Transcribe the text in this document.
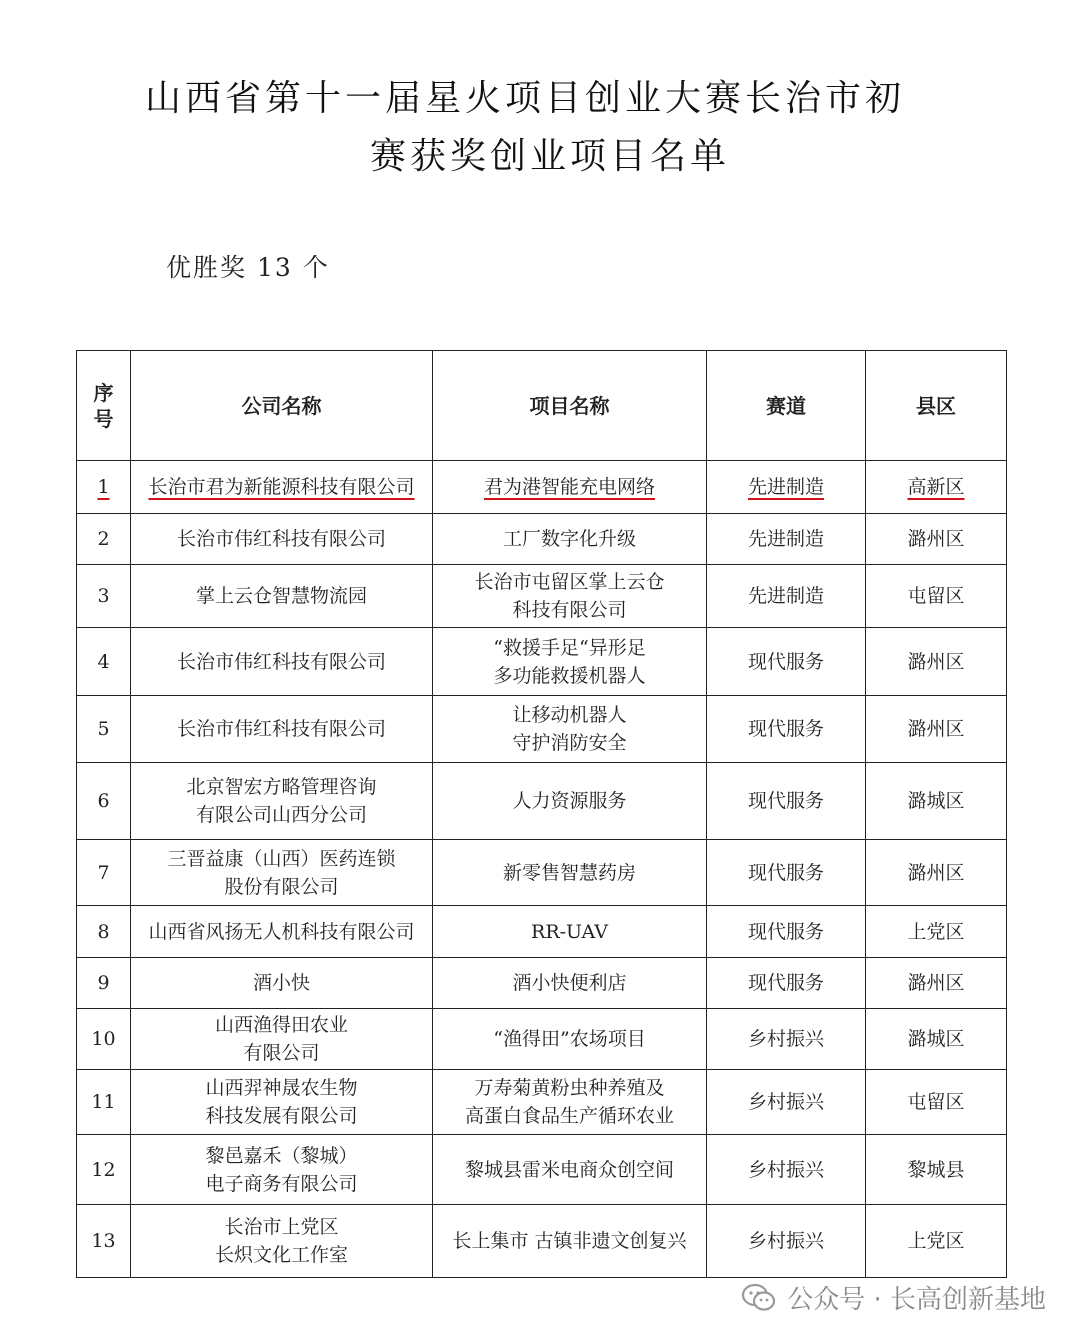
山西省第十一届星火项目创业大赛长治市初
赛获奖创业项目名单
优胜奖 13 个
序
号	公司名称	项目名称	赛道	县区
1	长治市君为新能源科技有限公司	君为港智能充电网络	先进制造	高新区
2	长治市伟红科技有限公司	工厂数字化升级	先进制造	潞州区
3	掌上云仓智慧物流园	长治市屯留区掌上云仓
科技有限公司	先进制造	屯留区
4	长治市伟红科技有限公司	“救援手足“异形足
多功能救援机器人	现代服务	潞州区
5	长治市伟红科技有限公司	让移动机器人
守护消防安全	现代服务	潞州区
6	北京智宏方略管理咨询
有限公司山西分公司	人力资源服务	现代服务	潞城区
7	三晋益康（山西）医药连锁
股份有限公司	新零售智慧药房	现代服务	潞州区
8	山西省风扬无人机科技有限公司	RR-UAV	现代服务	上党区
9	酒小快	酒小快便利店	现代服务	潞州区
10	山西渔得田农业
有限公司	“渔得田”农场项目	乡村振兴	潞城区
11	山西羿神晟农生物
科技发展有限公司	万寿菊黄粉虫种养殖及
高蛋白食品生产循环农业	乡村振兴	屯留区
12	黎邑嘉禾（黎城）
电子商务有限公司	黎城县雷米电商众创空间	乡村振兴	黎城县
13	长治市上党区
长炽文化工作室	长上集市 古镇非遗文创复兴	乡村振兴	上党区
公众号 · 长高创新基地
